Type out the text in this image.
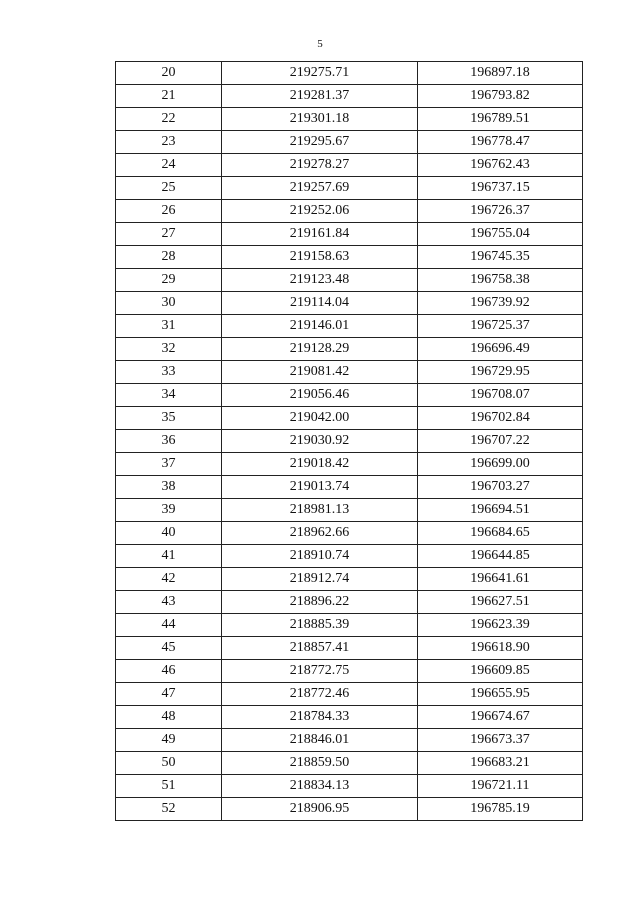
5
20	219275.71	196897.18
21	219281.37	196793.82
22	219301.18	196789.51
23	219295.67	196778.47
24	219278.27	196762.43
25	219257.69	196737.15
26	219252.06	196726.37
27	219161.84	196755.04
28	219158.63	196745.35
29	219123.48	196758.38
30	219114.04	196739.92
31	219146.01	196725.37
32	219128.29	196696.49
33	219081.42	196729.95
34	219056.46	196708.07
35	219042.00	196702.84
36	219030.92	196707.22
37	219018.42	196699.00
38	219013.74	196703.27
39	218981.13	196694.51
40	218962.66	196684.65
41	218910.74	196644.85
42	218912.74	196641.61
43	218896.22	196627.51
44	218885.39	196623.39
45	218857.41	196618.90
46	218772.75	196609.85
47	218772.46	196655.95
48	218784.33	196674.67
49	218846.01	196673.37
50	218859.50	196683.21
51	218834.13	196721.11
52	218906.95	196785.19
